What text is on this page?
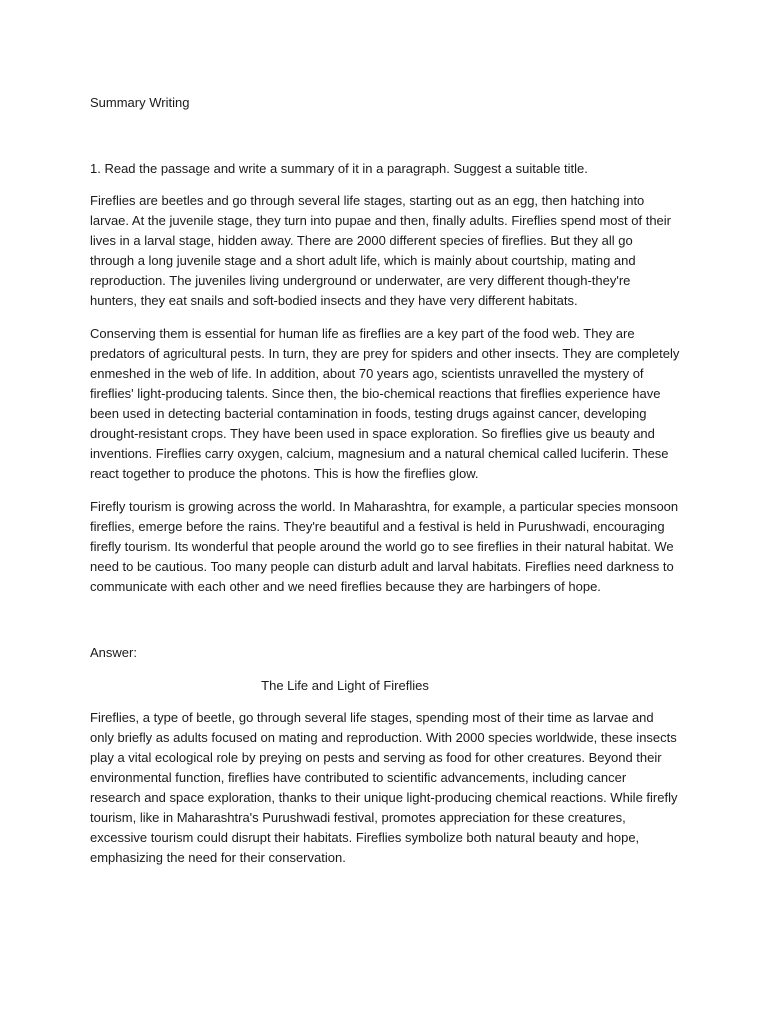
Summary Writing

1. Read the passage and write a summary of it in a paragraph. Suggest a suitable title.

Fireflies are beetles and go through several life stages, starting out as an egg, then hatching into larvae. At the juvenile stage, they turn into pupae and then, finally adults. Fireflies spend most of their lives in a larval stage, hidden away. There are 2000 different species of fireflies. But they all go through a long juvenile stage and a short adult life, which is mainly about courtship, mating and reproduction. The juveniles living underground or underwater, are very different though-they're hunters, they eat snails and soft-bodied insects and they have very different habitats.

Conserving them is essential for human life as fireflies are a key part of the food web. They are predators of agricultural pests. In turn, they are prey for spiders and other insects. They are completely enmeshed in the web of life. In addition, about 70 years ago, scientists unravelled the mystery of fireflies' light-producing talents. Since then, the bio-chemical reactions that fireflies experience have been used in detecting bacterial contamination in foods, testing drugs against cancer, developing drought-resistant crops. They have been used in space exploration. So fireflies give us beauty and inventions. Fireflies carry oxygen, calcium, magnesium and a natural chemical called luciferin. These react together to produce the photons. This is how the fireflies glow.

Firefly tourism is growing across the world. In Maharashtra, for example, a particular species monsoon fireflies, emerge before the rains. They're beautiful and a festival is held in Purushwadi, encouraging firefly tourism. Its wonderful that people around the world go to see fireflies in their natural habitat. We need to be cautious. Too many people can disturb adult and larval habitats. Fireflies need darkness to communicate with each other and we need fireflies because they are harbingers of hope.

Answer:

The Life and Light of Fireflies

Fireflies, a type of beetle, go through several life stages, spending most of their time as larvae and only briefly as adults focused on mating and reproduction. With 2000 species worldwide, these insects play a vital ecological role by preying on pests and serving as food for other creatures. Beyond their environmental function, fireflies have contributed to scientific advancements, including cancer research and space exploration, thanks to their unique light-producing chemical reactions. While firefly tourism, like in Maharashtra's Purushwadi festival, promotes appreciation for these creatures, excessive tourism could disrupt their habitats. Fireflies symbolize both natural beauty and hope, emphasizing the need for their conservation.
